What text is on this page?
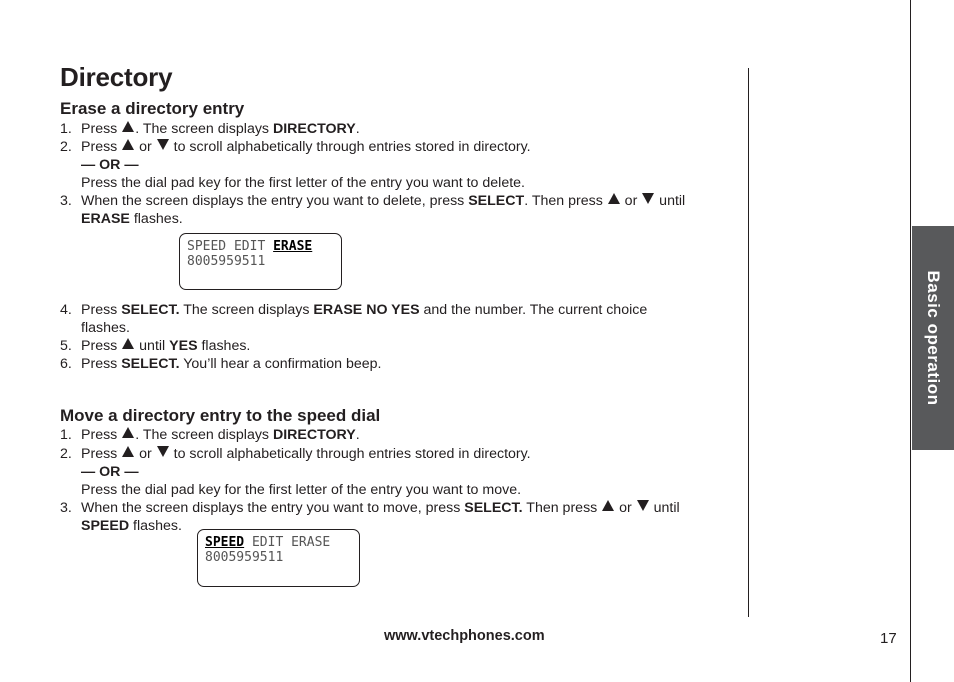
Directory
Erase a directory entry
1. Press . The screen displays DIRECTORY.
2. Press  or  to scroll alphabetically through entries stored in directory.
— OR —
Press the dial pad key for the first letter of the entry you want to delete.
3. When the screen displays the entry you want to delete, press SELECT. Then press  or  until
ERASE flashes.
4. Press SELECT. The screen displays ERASE NO YES and the number. The current choice
flashes.
5. Press  until YES flashes.
6. Press SELECT. You’ll hear a confirmation beep.
SPEED EDIT ERASE
8005959511
Move a directory entry to the speed dial
1. Press . The screen displays DIRECTORY.
2. Press  or  to scroll alphabetically through entries stored in directory.
— OR —
Press the dial pad key for the first letter of the entry you want to move.
3. When the screen displays the entry you want to move, press SELECT. Then press  or  until
SPEED flashes.
SPEED EDIT ERASE
8005959511
Basic operation
www.vtechphones.com	17
